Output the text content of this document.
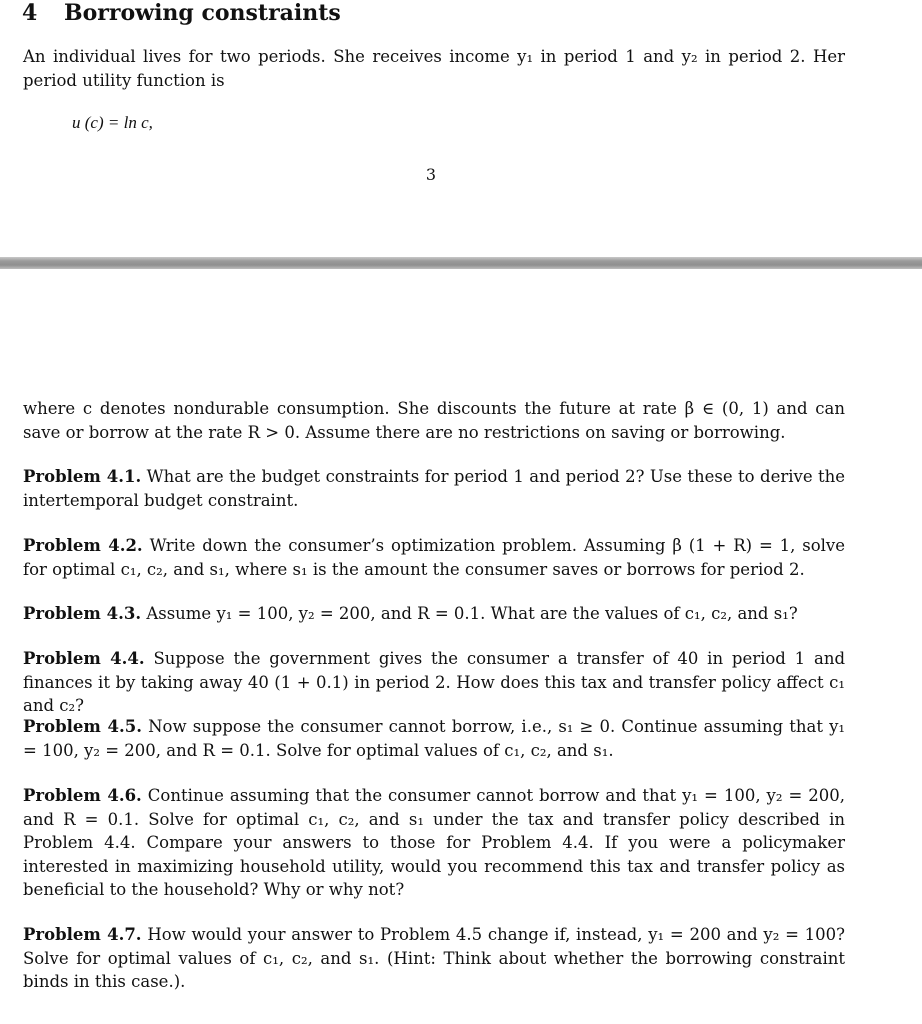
4 Borrowing constraints
An individual lives for two periods. She receives income y₁ in period 1 and y₂ in period 2. Her period utility function is
u (c) = ln c,
3
where c denotes nondurable consumption. She discounts the future at rate β ∈ (0, 1) and can save or borrow at the rate R > 0. Assume there are no restrictions on saving or borrowing.
Problem 4.1. What are the budget constraints for period 1 and period 2? Use these to derive the intertemporal budget constraint.
Problem 4.2. Write down the consumer’s optimization problem. Assuming β (1 + R) = 1, solve for optimal c₁, c₂, and s₁, where s₁ is the amount the consumer saves or borrows for period 2.
Problem 4.3. Assume y₁ = 100, y₂ = 200, and R = 0.1. What are the values of c₁, c₂, and s₁?
Problem 4.4. Suppose the government gives the consumer a transfer of 40 in period 1 and finances it by taking away 40 (1 + 0.1) in period 2. How does this tax and transfer policy affect c₁ and c₂?
Problem 4.5. Now suppose the consumer cannot borrow, i.e., s₁ ≥ 0. Continue assuming that y₁ = 100, y₂ = 200, and R = 0.1. Solve for optimal values of c₁, c₂, and s₁.
Problem 4.6. Continue assuming that the consumer cannot borrow and that y₁ = 100, y₂ = 200, and R = 0.1. Solve for optimal c₁, c₂, and s₁ under the tax and transfer policy described in Problem 4.4. Compare your answers to those for Problem 4.4. If you were a policymaker interested in maximizing household utility, would you recommend this tax and transfer policy as beneficial to the household? Why or why not?
Problem 4.7. How would your answer to Problem 4.5 change if, instead, y₁ = 200 and y₂ = 100? Solve for optimal values of c₁, c₂, and s₁. (Hint: Think about whether the borrowing constraint binds in this case.).
